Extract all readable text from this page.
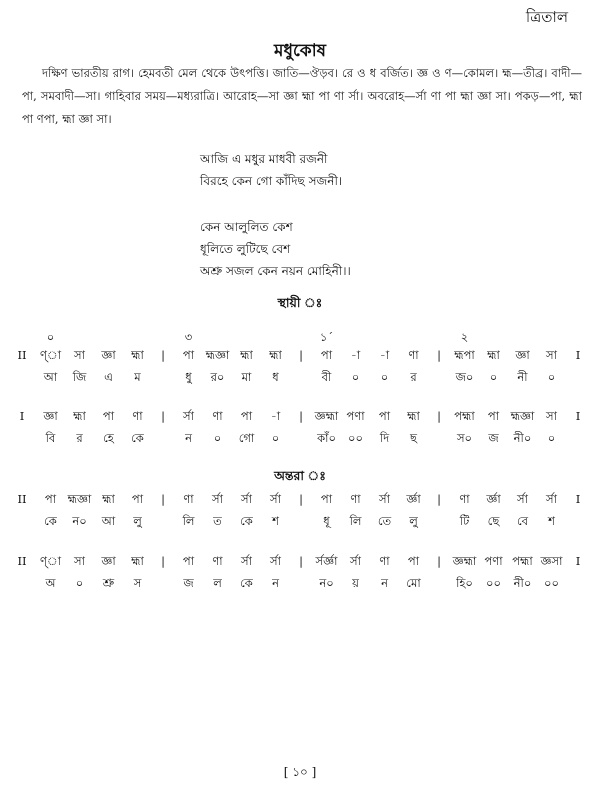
ত্রিতাল
মধুকোষ
দক্ষিণ ভারতীয় রাগ। হেমবতী মেল থেকে উৎপত্তি। জাতি—ঔড়ব। রে ও ধ বর্জিত। জ্ঞ ও ণ—কোমল। হ্ম—তীব্র। বাদী—পা, সমবাদী—সা। গাহিবার সময়—মধ্যরাত্রি। আরোহ—সা জ্ঞা হ্মা পা ণা র্সা। অবরোহ—র্সা ণা পা হ্মা জ্ঞা সা। পকড়—পা, হ্মা পা ণপা, হ্মা জ্ঞা সা।
আজি এ মধুর মাধবী রজনী
বিরহে কেন গো কাঁদিছ সজনী।
কেন আলুলিত কেশ
ধূলিতে লুটিছে বেশ
অশ্রু সজল কেন নয়ন মোহিনী।।
স্থায়ী ঃ
অন্তরা ঃ
০	৩	১´	২
II	ণ্া	সা	জ্ঞা	হ্মা	|	পা	হ্মজ্ঞা হ্মা	হ্মা	|	পা	-া	-া	ণা	|	হ্মপা	হ্মা	জ্ঞা	সা	I
আ	জি	এ	ম	ধু	র০	মা	ধ	বী	০	০	র	জ০	০	নী	০
I	জ্ঞা	হ্মা	পা	ণা	|	র্সা	ণা	পা	-া	|	জ্ঞহ্মা পণা	পা	হ্মা	|	পহ্মা	পা	হ্মজ্ঞা	সা	I
বি	র	হে	কে	ন	০	গো	০	কাঁ০	০০	দি	ছ	স০	জ	নী০	০
II	পা	হ্মজ্ঞা হ্মা	পা	|	ণা	র্সা	র্সা	র্সা	|	পা	ণা	র্সা	র্জ্ঞা	|	ণা	র্জ্ঞা	র্সা	র্সা	I
কে	ন০	আ	লু	লি	ত	কে	শ	ধূ	লি	তে	লু	টি	ছে	বে	শ
II	ণ্া	সা	জ্ঞা	হ্মা	|	পা	ণা	র্সা	র্সা	|	র্সর্জ্ঞা	র্সা	ণা	পা	|	জ্ঞহ্মা পণা পহ্মা জ্ঞসা	I
অ	০	শ্রু	স	জ	ল	কে	ন	ন০	য়	ন	মো	হি০	০০	নী০	০০
[ ১০ ]
